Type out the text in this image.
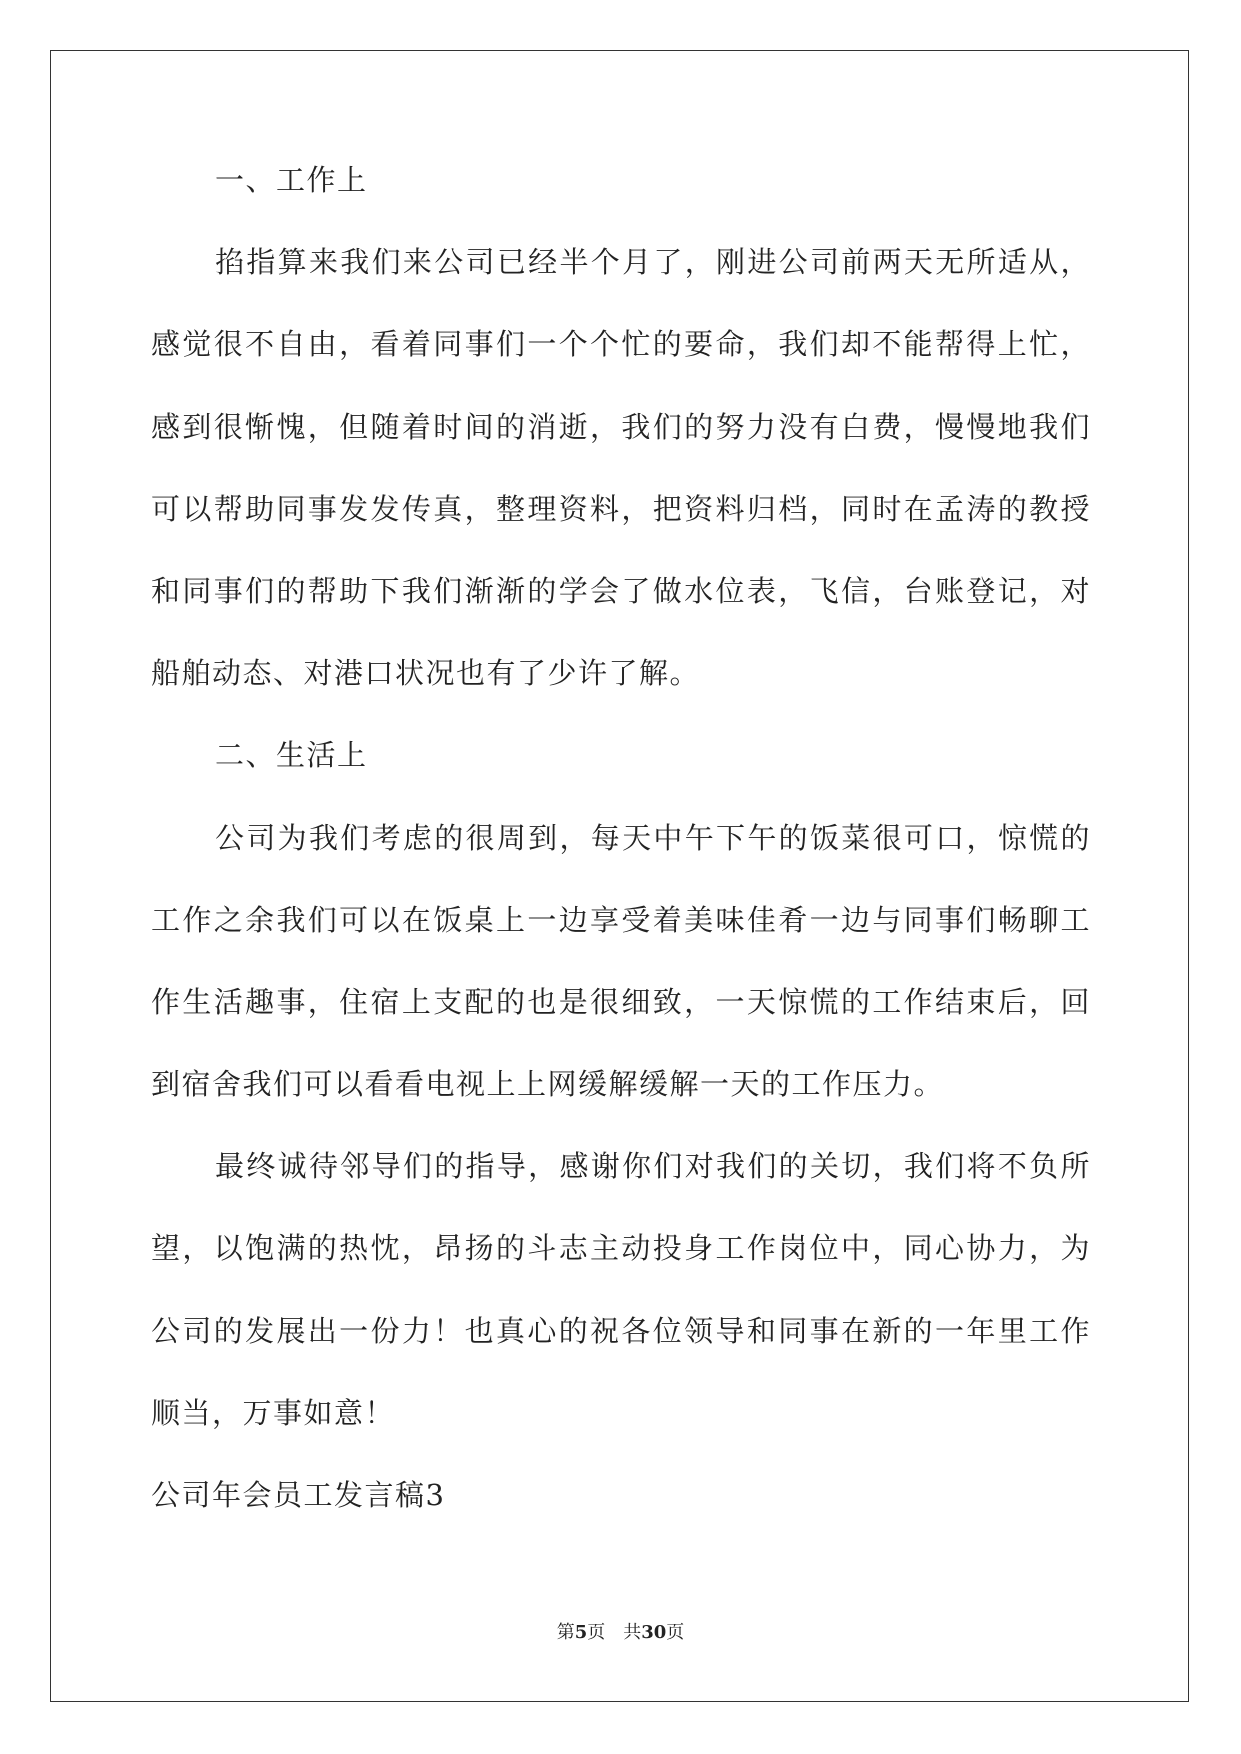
一、工作上
掐指算来我们来公司已经半个月了，刚进公司前两天无所适从，
感觉很不自由，看着同事们一个个忙的要命，我们却不能帮得上忙，
感到很惭愧，但随着时间的消逝，我们的努力没有白费，慢慢地我们
可以帮助同事发发传真，整理资料，把资料归档，同时在孟涛的教授
和同事们的帮助下我们渐渐的学会了做水位表，飞信，台账登记，对
船舶动态、对港口状况也有了少许了解。
二、生活上
公司为我们考虑的很周到，每天中午下午的饭菜很可口，惊慌的
工作之余我们可以在饭桌上一边享受着美味佳肴一边与同事们畅聊工
作生活趣事，住宿上支配的也是很细致，一天惊慌的工作结束后，回
到宿舍我们可以看看电视上上网缓解缓解一天的工作压力。
最终诚待邻导们的指导，感谢你们对我们的关切，我们将不负所
望，以饱满的热忱，昂扬的斗志主动投身工作岗位中，同心协力，为
公司的发展出一份力！也真心的祝各位领导和同事在新的一年里工作
顺当，万事如意！
公司年会员工发言稿3
第5页 共30页
